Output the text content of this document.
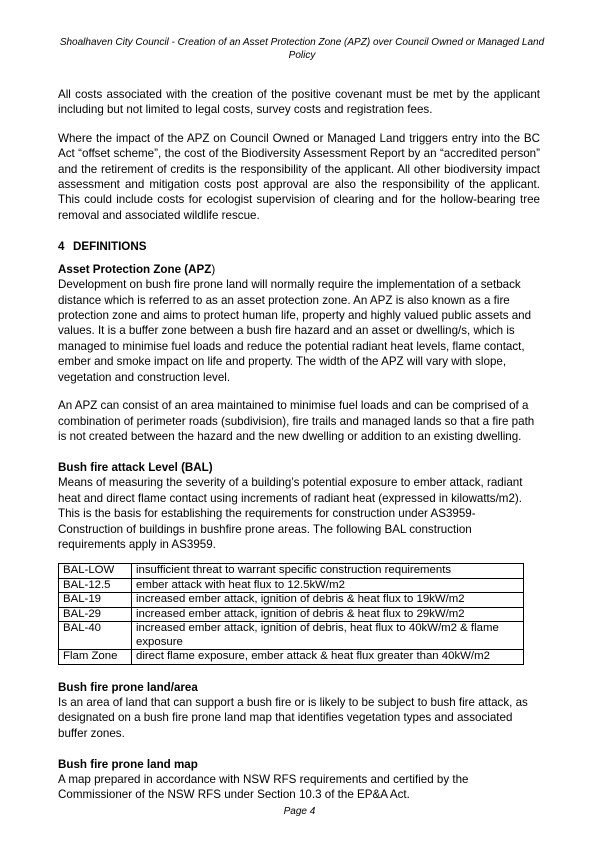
Shoalhaven City Council - Creation of an Asset Protection Zone (APZ) over Council Owned or Managed Land
Policy

All costs associated with the creation of the positive covenant must be met by the applicant including but not limited to legal costs, survey costs and registration fees.

Where the impact of the APZ on Council Owned or Managed Land triggers entry into the BC Act “offset scheme”, the cost of the Biodiversity Assessment Report by an “accredited person” and the retirement of credits is the responsibility of the applicant. All other biodiversity impact assessment and mitigation costs post approval are also the responsibility of the applicant. This could include costs for ecologist supervision of clearing and for the hollow-bearing tree removal and associated wildlife rescue.

4 DEFINITIONS

Asset Protection Zone (APZ)

Development on bush fire prone land will normally require the implementation of a setback distance which is referred to as an asset protection zone. An APZ is also known as a fire protection zone and aims to protect human life, property and highly valued public assets and values. It is a buffer zone between a bush fire hazard and an asset or dwelling/s, which is managed to minimise fuel loads and reduce the potential radiant heat levels, flame contact, ember and smoke impact on life and property. The width of the APZ will vary with slope, vegetation and construction level.

An APZ can consist of an area maintained to minimise fuel loads and can be comprised of a combination of perimeter roads (subdivision), fire trails and managed lands so that a fire path is not created between the hazard and the new dwelling or addition to an existing dwelling.

Bush fire attack Level (BAL)

Means of measuring the severity of a building’s potential exposure to ember attack, radiant heat and direct flame contact using increments of radiant heat (expressed in kilowatts/m2). This is the basis for establishing the requirements for construction under AS3959-Construction of buildings in bushfire prone areas. The following BAL construction requirements apply in AS3959.

BAL-LOW	insufficient threat to warrant specific construction requirements
BAL-12.5	ember attack with heat flux to 12.5kW/m2
BAL-19	increased ember attack, ignition of debris & heat flux to 19kW/m2
BAL-29	increased ember attack, ignition of debris & heat flux to 29kW/m2
BAL-40	increased ember attack, ignition of debris, heat flux to 40kW/m2 & flame exposure
Flam Zone	direct flame exposure, ember attack & heat flux greater than 40kW/m2

Bush fire prone land/area

Is an area of land that can support a bush fire or is likely to be subject to bush fire attack, as designated on a bush fire prone land map that identifies vegetation types and associated buffer zones.

Bush fire prone land map

A map prepared in accordance with NSW RFS requirements and certified by the Commissioner of the NSW RFS under Section 10.3 of the EP&A Act.

Page 4
